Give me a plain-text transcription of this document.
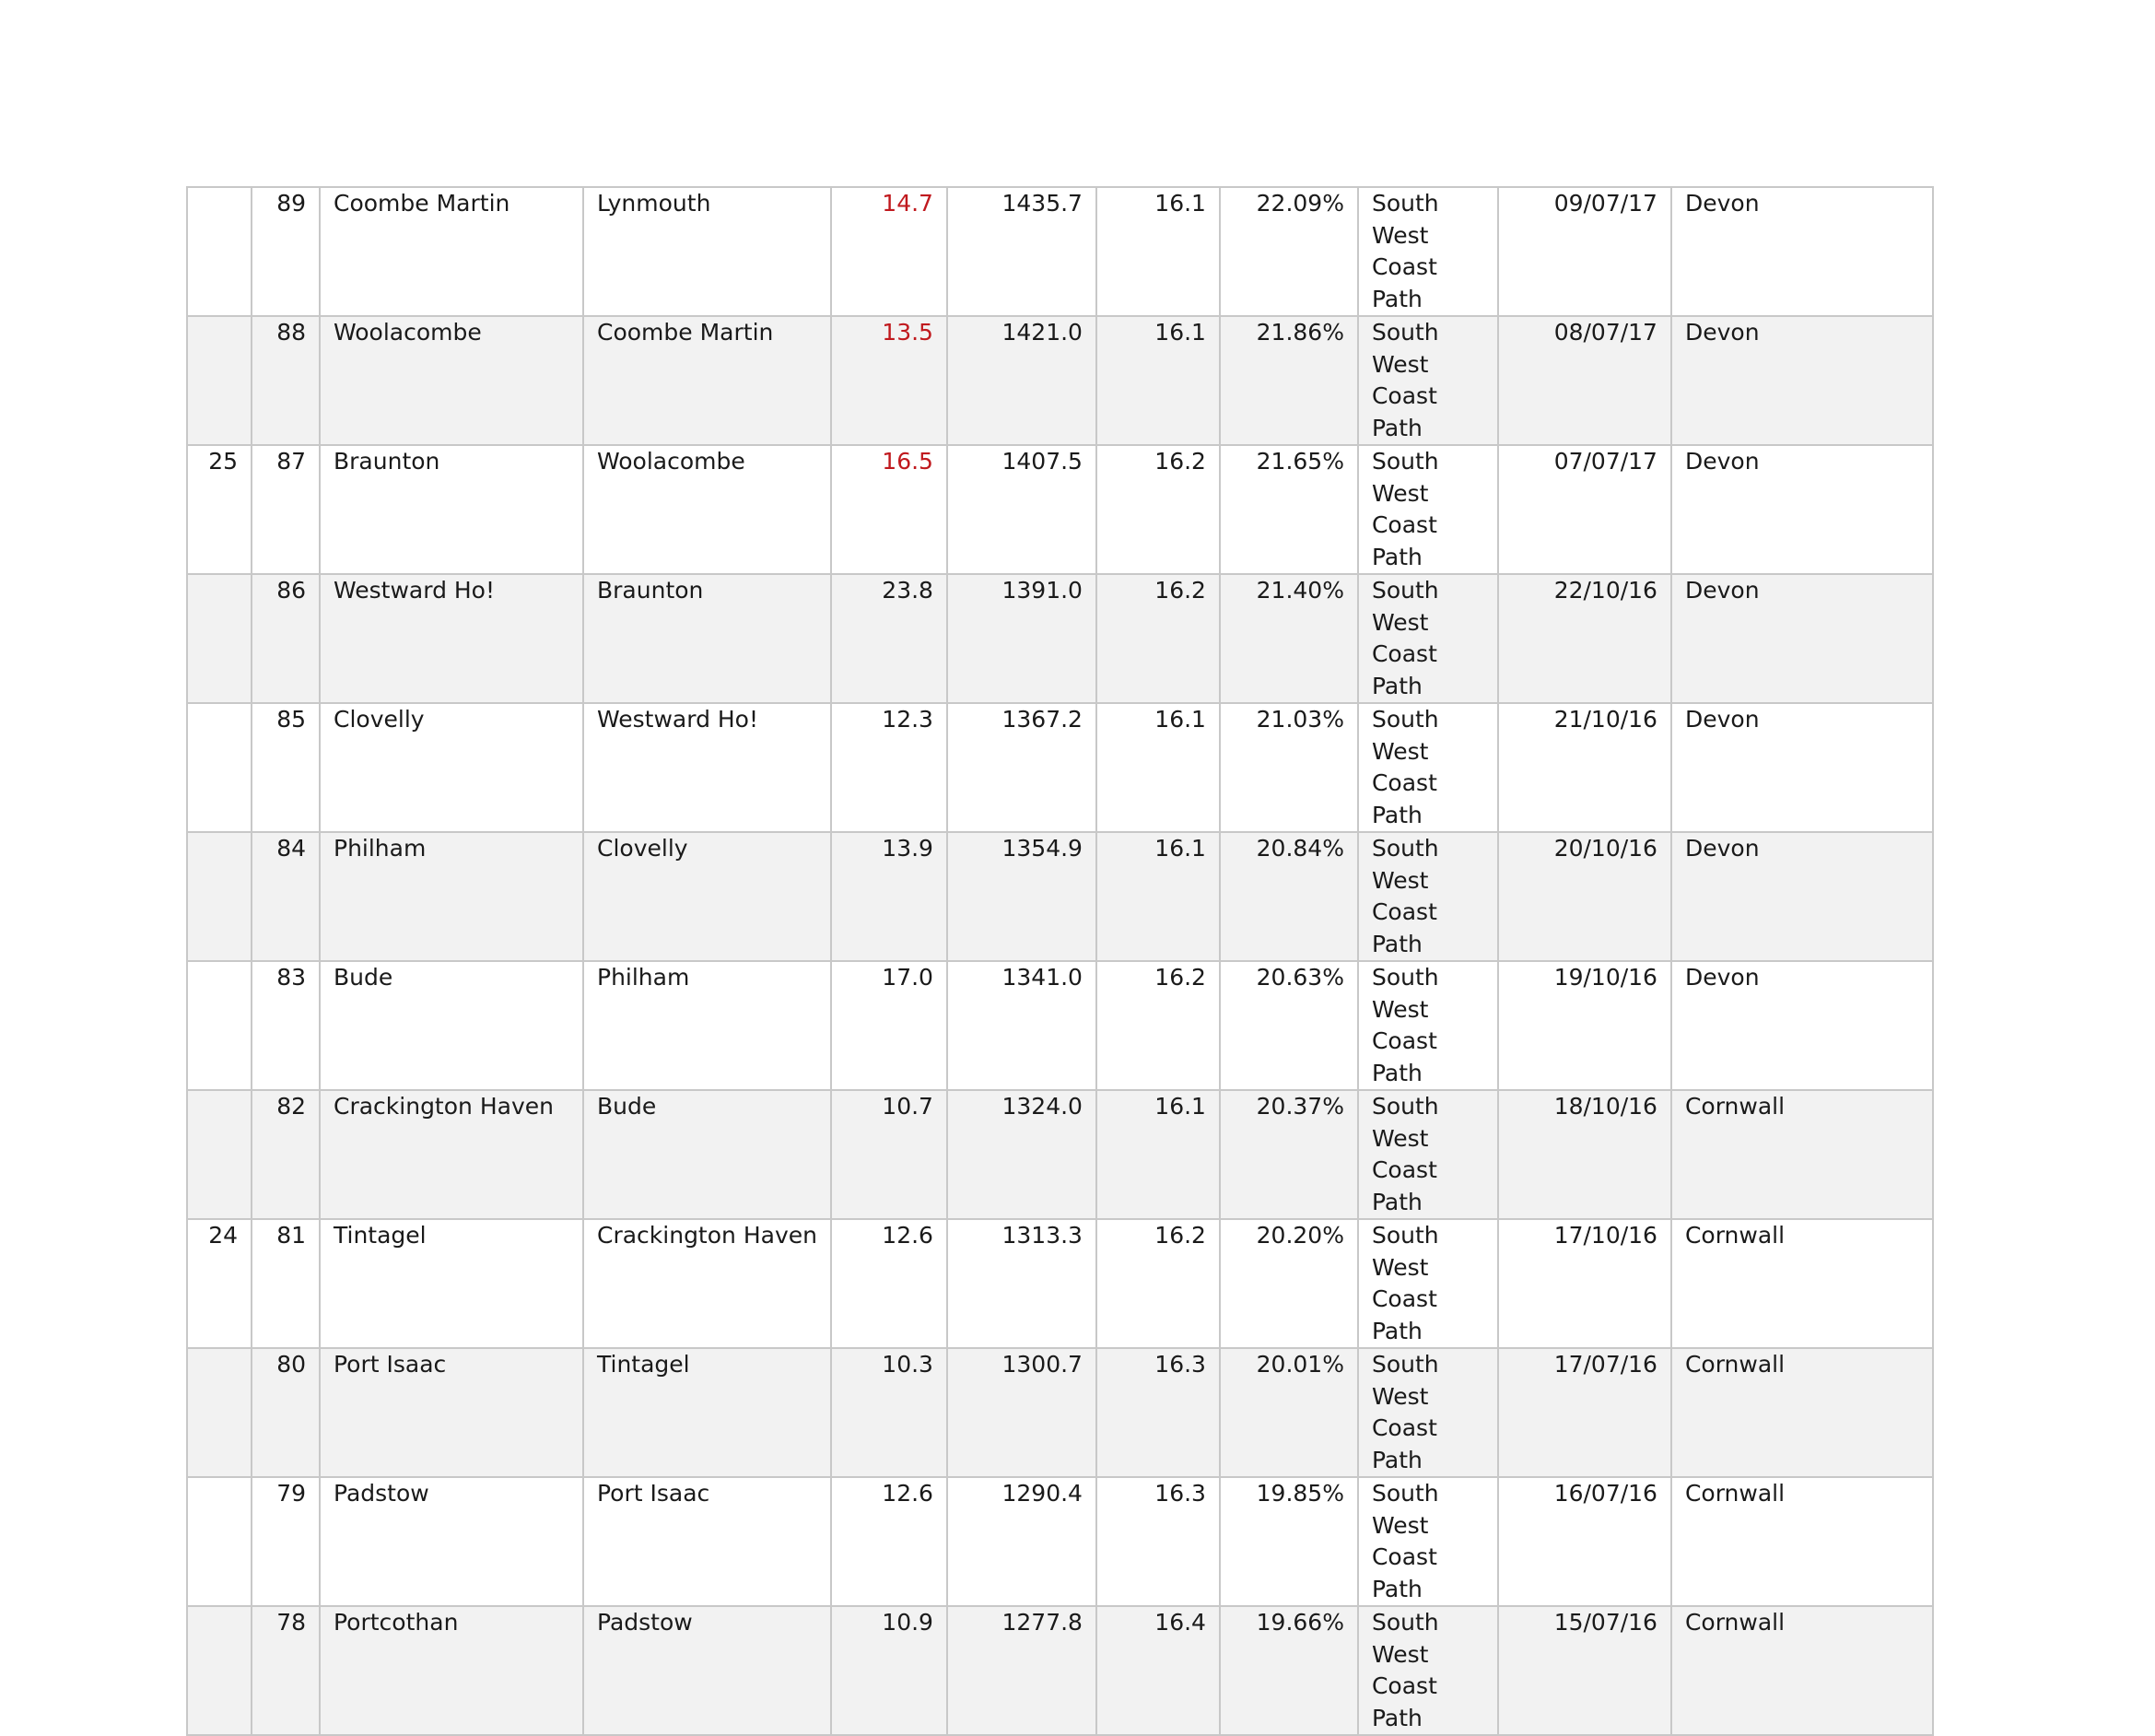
	89	Coombe Martin	Lynmouth	14.7	1435.7	16.1	22.09%	South
West
Coast Path	09/07/17	Devon
	88	Woolacombe	Coombe Martin	13.5	1421.0	16.1	21.86%	South
West
Coast Path	08/07/17	Devon
25	87	Braunton	Woolacombe	16.5	1407.5	16.2	21.65%	South
West
Coast Path	07/07/17	Devon
	86	Westward Ho!	Braunton	23.8	1391.0	16.2	21.40%	South
West
Coast Path	22/10/16	Devon
	85	Clovelly	Westward Ho!	12.3	1367.2	16.1	21.03%	South
West
Coast Path	21/10/16	Devon
	84	Philham	Clovelly	13.9	1354.9	16.1	20.84%	South
West
Coast Path	20/10/16	Devon
	83	Bude	Philham	17.0	1341.0	16.2	20.63%	South
West
Coast Path	19/10/16	Devon
	82	Crackington Haven	Bude	10.7	1324.0	16.1	20.37%	South
West
Coast Path	18/10/16	Cornwall
24	81	Tintagel	Crackington Haven	12.6	1313.3	16.2	20.20%	South
West
Coast Path	17/10/16	Cornwall
	80	Port Isaac	Tintagel	10.3	1300.7	16.3	20.01%	South
West
Coast Path	17/07/16	Cornwall
	79	Padstow	Port Isaac	12.6	1290.4	16.3	19.85%	South
West
Coast Path	16/07/16	Cornwall
	78	Portcothan	Padstow	10.9	1277.8	16.4	19.66%	South
West
Coast Path	15/07/16	Cornwall
